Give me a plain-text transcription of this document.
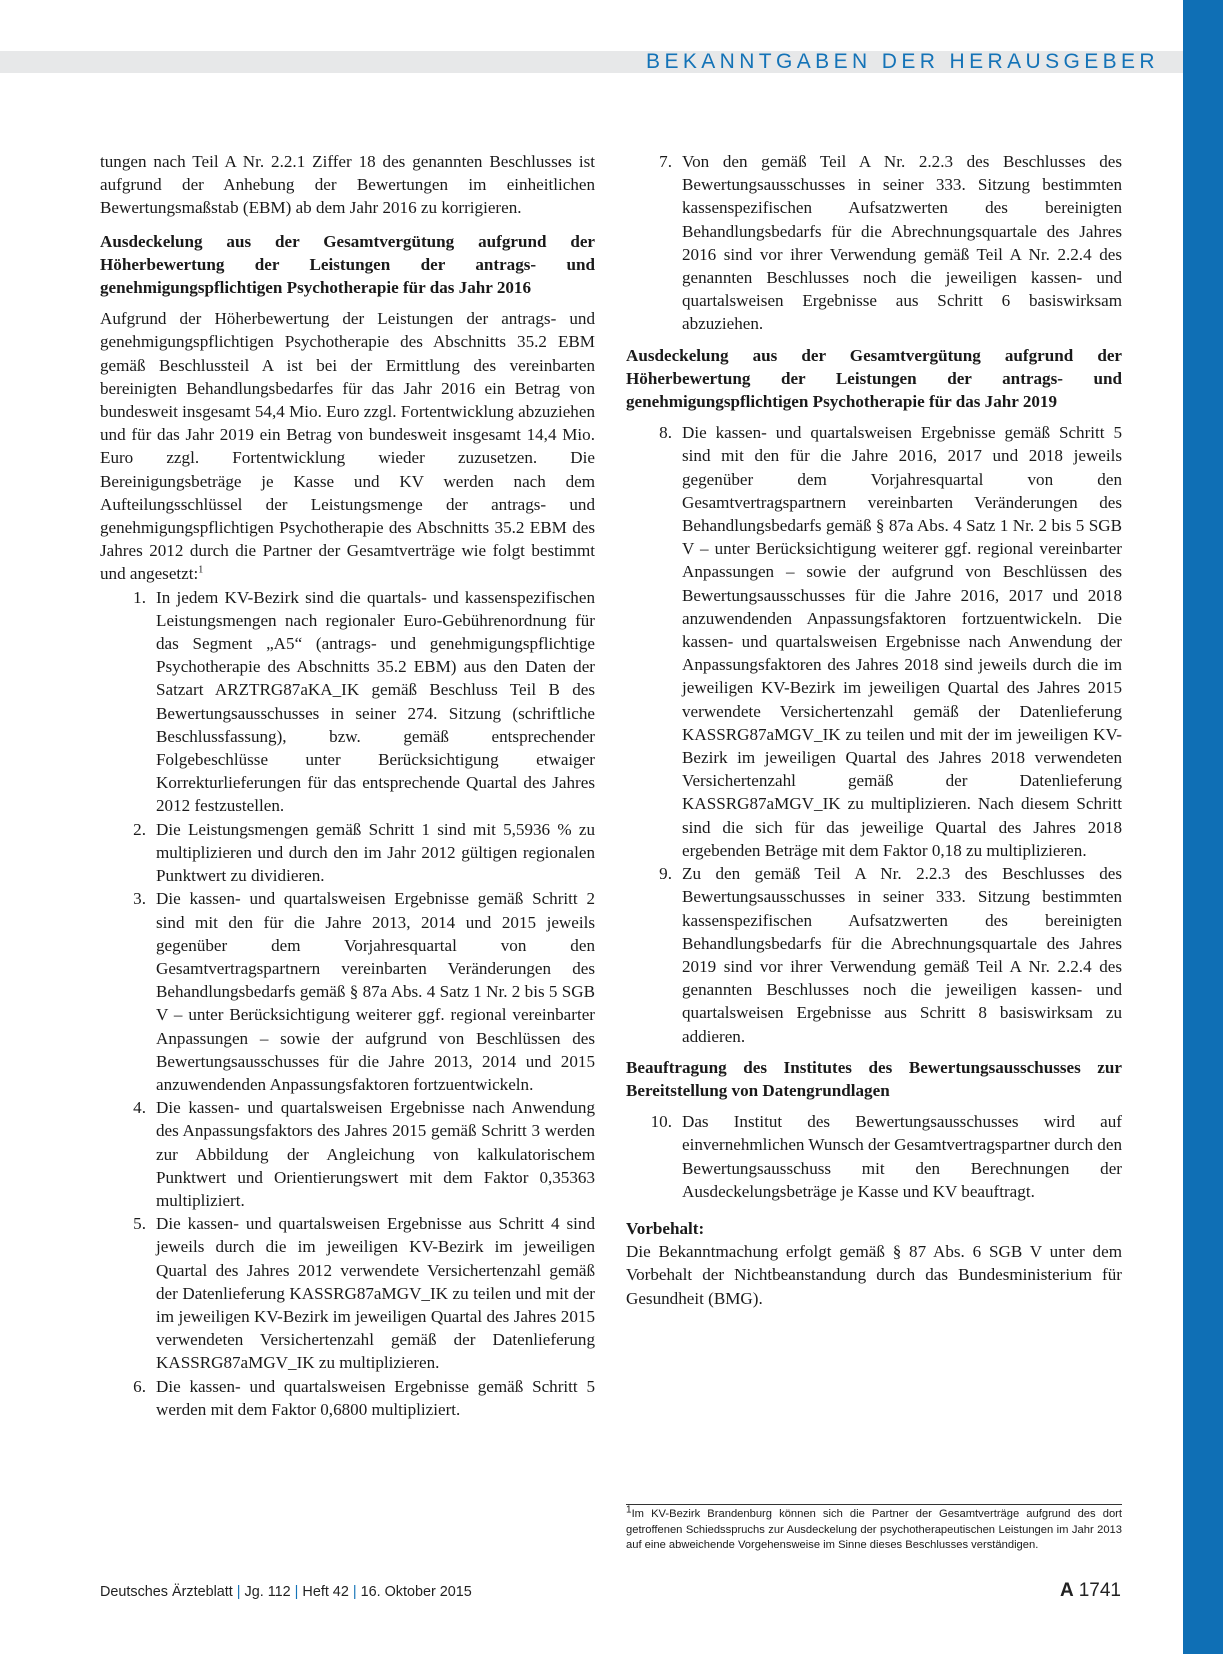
BEKANNTGABEN DER HERAUSGEBER

tungen nach Teil A Nr. 2.2.1 Ziffer 18 des genannten Beschlusses ist aufgrund der Anhebung der Bewertungen im einheitlichen Bewertungsmaßstab (EBM) ab dem Jahr 2016 zu korrigieren.

Ausdeckelung aus der Gesamtvergütung aufgrund der Höherbewertung der Leistungen der antrags- und genehmigungspflichtigen Psychotherapie für das Jahr 2016

Aufgrund der Höherbewertung der Leistungen der antrags- und genehmigungspflichtigen Psychotherapie des Abschnitts 35.2 EBM gemäß Beschlussteil A ist bei der Ermittlung des vereinbarten bereinigten Behandlungsbedarfes für das Jahr 2016 ein Betrag von bundesweit insgesamt 54,4 Mio. Euro zzgl. Fortentwicklung abzuziehen und für das Jahr 2019 ein Betrag von bundesweit insgesamt 14,4 Mio. Euro zzgl. Fortentwicklung wieder zuzusetzen. Die Bereinigungsbeträge je Kasse und KV werden nach dem Aufteilungsschlüssel der Leistungsmenge der antrags- und genehmigungspflichtigen Psychotherapie des Abschnitts 35.2 EBM des Jahres 2012 durch die Partner der Gesamtverträge wie folgt bestimmt und angesetzt:$^1$

1. In jedem KV-Bezirk sind die quartals- und kassenspezifischen Leistungsmengen nach regionaler Euro-Gebührenordnung für das Segment „A5“ (antrags- und genehmigungspflichtige Psychotherapie des Abschnitts 35.2 EBM) aus den Daten der Satzart ARZTRG87aKA_IK gemäß Beschluss Teil B des Bewertungsausschusses in seiner 274. Sitzung (schriftliche Beschlussfassung), bzw. gemäß entsprechender Folgebeschlüsse unter Berücksichtigung etwaiger Korrekturlieferungen für das entsprechende Quartal des Jahres 2012 festzustellen.
2. Die Leistungsmengen gemäß Schritt 1 sind mit 5,5936 % zu multiplizieren und durch den im Jahr 2012 gültigen regionalen Punktwert zu dividieren.
3. Die kassen- und quartalsweisen Ergebnisse gemäß Schritt 2 sind mit den für die Jahre 2013, 2014 und 2015 jeweils gegenüber dem Vorjahresquartal von den Gesamtvertragspartnern vereinbarten Veränderungen des Behandlungsbedarfs gemäß § 87a Abs. 4 Satz 1 Nr. 2 bis 5 SGB V – unter Berücksichtigung weiterer ggf. regional vereinbarter Anpassungen – sowie der aufgrund von Beschlüssen des Bewertungsausschusses für die Jahre 2013, 2014 und 2015 anzuwendenden Anpassungsfaktoren fortzuentwickeln.
4. Die kassen- und quartalsweisen Ergebnisse nach Anwendung des Anpassungsfaktors des Jahres 2015 gemäß Schritt 3 werden zur Abbildung der Angleichung von kalkulatorischem Punktwert und Orientierungswert mit dem Faktor 0,35363 multipliziert.
5. Die kassen- und quartalsweisen Ergebnisse aus Schritt 4 sind jeweils durch die im jeweiligen KV-Bezirk im jeweiligen Quartal des Jahres 2012 verwendete Versichertenzahl gemäß der Datenlieferung KASSRG87aMGV_IK zu teilen und mit der im jeweiligen KV-Bezirk im jeweiligen Quartal des Jahres 2015 verwendeten Versichertenzahl gemäß der Datenlieferung KASSRG87aMGV_IK zu multiplizieren.
6. Die kassen- und quartalsweisen Ergebnisse gemäß Schritt 5 werden mit dem Faktor 0,6800 multipliziert.
7. Von den gemäß Teil A Nr. 2.2.3 des Beschlusses des Bewertungsausschusses in seiner 333. Sitzung bestimmten kassenspezifischen Aufsatzwerten des bereinigten Behandlungsbedarfs für die Abrechnungsquartale des Jahres 2016 sind vor ihrer Verwendung gemäß Teil A Nr. 2.2.4 des genannten Beschlusses noch die jeweiligen kassen- und quartalsweisen Ergebnisse aus Schritt 6 basiswirksam abzuziehen.

Ausdeckelung aus der Gesamtvergütung aufgrund der Höherbewertung der Leistungen der antrags- und genehmigungspflichtigen Psychotherapie für das Jahr 2019

8. Die kassen- und quartalsweisen Ergebnisse gemäß Schritt 5 sind mit den für die Jahre 2016, 2017 und 2018 jeweils gegenüber dem Vorjahresquartal von den Gesamtvertragspartnern vereinbarten Veränderungen des Behandlungsbedarfs gemäß § 87a Abs. 4 Satz 1 Nr. 2 bis 5 SGB V – unter Berücksichtigung weiterer ggf. regional vereinbarter Anpassungen – sowie der aufgrund von Beschlüssen des Bewertungsausschusses für die Jahre 2016, 2017 und 2018 anzuwendenden Anpassungsfaktoren fortzuentwickeln. Die kassen- und quartalsweisen Ergebnisse nach Anwendung der Anpassungsfaktoren des Jahres 2018 sind jeweils durch die im jeweiligen KV-Bezirk im jeweiligen Quartal des Jahres 2015 verwendete Versichertenzahl gemäß der Datenlieferung KASSRG87aMGV_IK zu teilen und mit der im jeweiligen KV-Bezirk im jeweiligen Quartal des Jahres 2018 verwendeten Versichertenzahl gemäß der Datenlieferung KASSRG87aMGV_IK zu multiplizieren. Nach diesem Schritt sind die sich für das jeweilige Quartal des Jahres 2018 ergebenden Beträge mit dem Faktor 0,18 zu multiplizieren.
9. Zu den gemäß Teil A Nr. 2.2.3 des Beschlusses des Bewertungsausschusses in seiner 333. Sitzung bestimmten kassenspezifischen Aufsatzwerten des bereinigten Behandlungsbedarfs für die Abrechnungsquartale des Jahres 2019 sind vor ihrer Verwendung gemäß Teil A Nr. 2.2.4 des genannten Beschlusses noch die jeweiligen kassen- und quartalsweisen Ergebnisse aus Schritt 8 basiswirksam zu addieren.

Beauftragung des Institutes des Bewertungsausschusses zur Bereitstellung von Datengrundlagen

10. Das Institut des Bewertungsausschusses wird auf einvernehmlichen Wunsch der Gesamtvertragspartner durch den Bewertungsausschuss mit den Berechnungen der Ausdeckelungsbeträge je Kasse und KV beauftragt.

Vorbehalt:

Die Bekanntmachung erfolgt gemäß § 87 Abs. 6 SGB V unter dem Vorbehalt der Nichtbeanstandung durch das Bundesministerium für Gesundheit (BMG).

1Im KV-Bezirk Brandenburg können sich die Partner der Gesamtverträge aufgrund des dort getroffenen Schiedsspruchs zur Ausdeckelung der psychotherapeutischen Leistungen im Jahr 2013 auf eine abweichende Vorgehensweise im Sinne dieses Beschlusses verständigen.
Deutsches Ärzteblatt | Jg. 112 | Heft 42 | 16. Oktober 2015	A 1741
